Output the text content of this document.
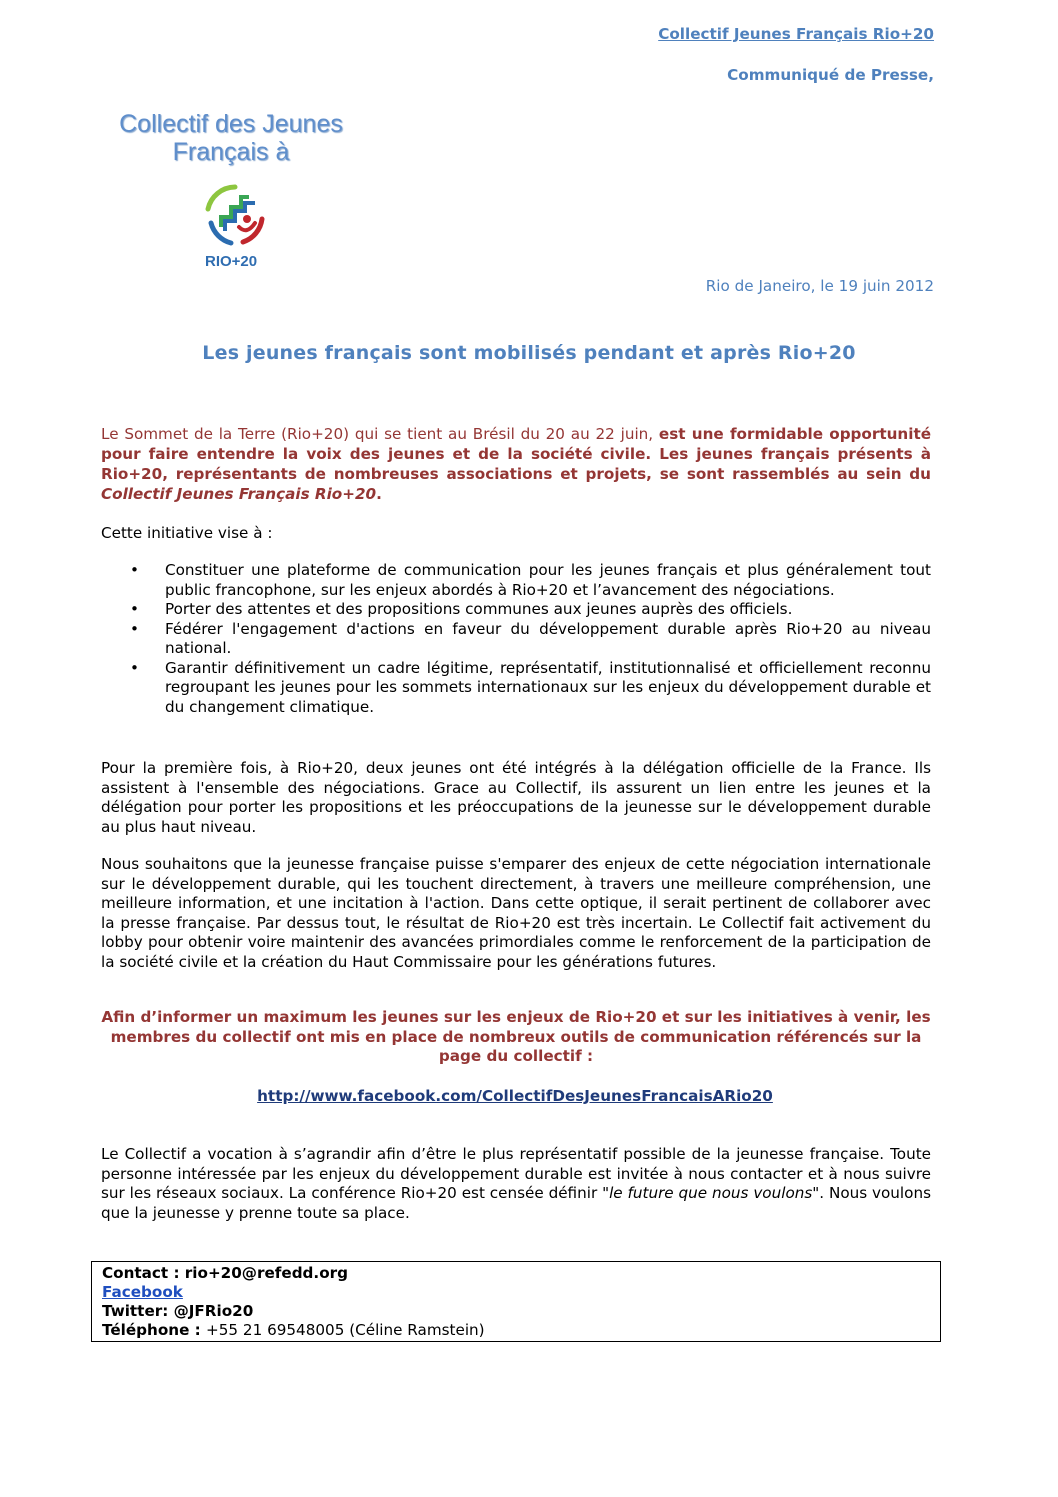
Collectif Jeunes Français Rio+20
Communiqué de Presse,
Collectif des Jeunes
Français à
RIO+20
Rio de Janeiro, le 19 juin 2012
Les jeunes français sont mobilisés pendant et après Rio+20
Le Sommet de la Terre (Rio+20) qui se tient au Brésil du 20 au 22 juin, est une formidable opportunité pour faire entendre la voix des jeunes et de la société civile. Les jeunes français présents à Rio+20, représentants de nombreuses associations et projets, se sont rassemblés au sein du Collectif Jeunes Français Rio+20.
Cette initiative vise à :
• Constituer une plateforme de communication pour les jeunes français et plus généralement tout public francophone, sur les enjeux abordés à Rio+20 et l’avancement des négociations.
• Porter des attentes et des propositions communes aux jeunes auprès des officiels.
• Fédérer l'engagement d'actions en faveur du développement durable après Rio+20 au niveau national.
• Garantir définitivement un cadre légitime, représentatif, institutionnalisé et officiellement reconnu regroupant les jeunes pour les sommets internationaux sur les enjeux du développement durable et du changement climatique.
Pour la première fois, à Rio+20, deux jeunes ont été intégrés à la délégation officielle de la France. Ils assistent à l'ensemble des négociations. Grace au Collectif, ils assurent un lien entre les jeunes et la délégation pour porter les propositions et les préoccupations de la jeunesse sur le développement durable au plus haut niveau.
Nous souhaitons que la jeunesse française puisse s'emparer des enjeux de cette négociation internationale sur le développement durable, qui les touchent directement, à travers une meilleure compréhension, une meilleure information, et une incitation à l'action. Dans cette optique, il serait pertinent de collaborer avec la presse française. Par dessus tout, le résultat de Rio+20 est très incertain. Le Collectif fait activement du lobby pour obtenir voire maintenir des avancées primordiales comme le renforcement de la participation de la société civile et la création du Haut Commissaire pour les générations futures.
Afin d’informer un maximum les jeunes sur les enjeux de Rio+20 et sur les initiatives à venir, les membres du collectif ont mis en place de nombreux outils de communication référencés sur la page du collectif :
http://www.facebook.com/CollectifDesJeunesFrancaisARio20
Le Collectif a vocation à s’agrandir afin d’être le plus représentatif possible de la jeunesse française. Toute personne intéressée par les enjeux du développement durable est invitée à nous contacter et à nous suivre sur les réseaux sociaux. La conférence Rio+20 est censée définir "le future que nous voulons". Nous voulons que la jeunesse y prenne toute sa place.
Contact : rio+20@refedd.org
Facebook
Twitter: @JFRio20
Téléphone : +55 21 69548005 (Céline Ramstein)
